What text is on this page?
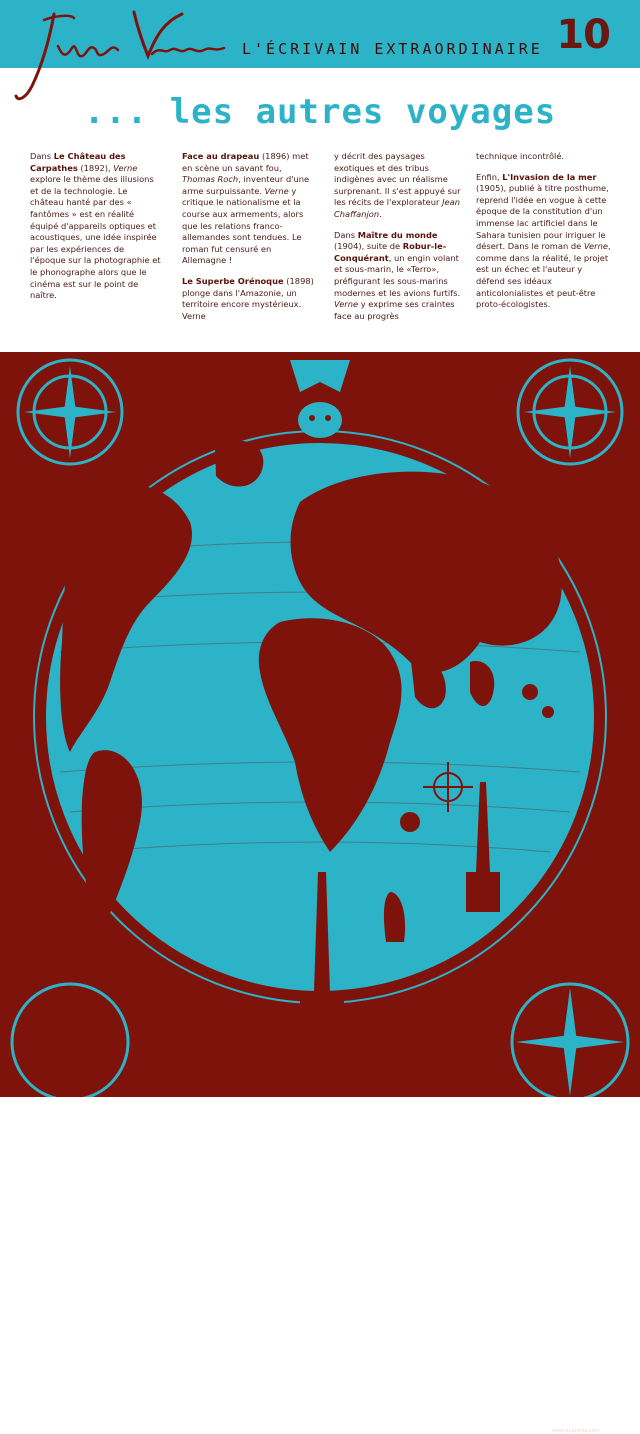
L'ÉCRIVAIN EXTRAORDINAIRE 10
... les autres voyages

Dans Le Château des Carpathes (1892), Verne explore le thème des illusions et de la technologie. Le château hanté par des « fantômes » est en réalité équipé d'appareils optiques et acoustiques, une idée inspirée par les expériences de l'époque sur la photographie et le phonographe alors que le cinéma est sur le point de naître.

Face au drapeau (1896) met en scène un savant fou, Thomas Roch, inventeur d'une arme surpuissante. Verne y critique le nationalisme et la course aux armements, alors que les relations franco-allemandes sont tendues. Le roman fut censuré en Allemagne !

Le Superbe Orénoque (1898) plonge dans l'Amazonie, un territoire encore mystérieux. Verne

y décrit des paysages exotiques et des tribus indigènes avec un réalisme surprenant. Il s'est appuyé sur les récits de l'explorateur Jean Chaffanjon.

Dans Maître du monde (1904), suite de Robur-le-Conquérant, un engin volant et sous-marin, le «Terro», préfigurant les sous-marins modernes et les avions furtifs. Verne y exprime ses craintes face au progrès

technique incontrôlé.

Enfin, L'Invasion de la mer (1905), publié à titre posthume, reprend l'idée en vogue à cette époque de la constitution d'un immense lac artificiel dans le Sahara tunisien pour irriguer le désert. Dans le roman de Verne, comme dans la réalité, le projet est un échec et l'auteur y défend ses idéaux anticolonialistes et peut-être proto-écologistes.

expośika
www.exposika.com
